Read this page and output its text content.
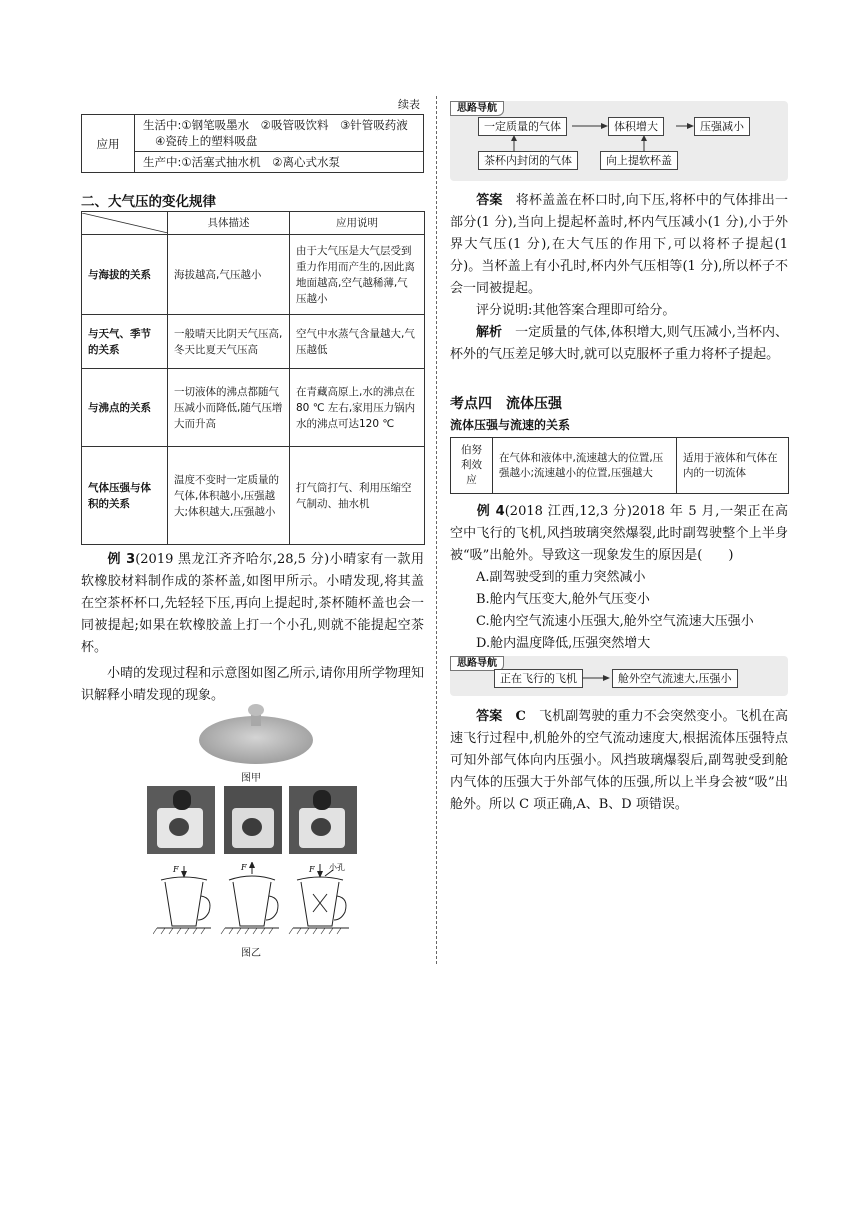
续表
应用	生活中:①钢笔吸墨水　②吸管吸饮料　③针管吸药液
④瓷砖上的塑料吸盘
生产中:①活塞式抽水机　②离心式水泵
二、大气压的变化规律
	具体描述	应用说明
与海拔的关系	海拔越高,气压越小	由于大气压是大气层受到重力作用而产生的,因此离地面越高,空气越稀薄,气压越小
与天气、季节的关系	一般晴天比阴天气压高,冬天比夏天气压高	空气中水蒸气含量越大,气压越低
与沸点的关系	一切液体的沸点都随气压减小而降低,随气压增大而升高	在青藏高原上,水的沸点在80 ℃ 左右,家用压力锅内水的沸点可达120 ℃
气体压强与体积的关系	温度不变时一定质量的气体,体积越小,压强越大;体积越大,压强越小	打气筒打气、利用压缩空气制动、抽水机

例 3(2019 黑龙江齐齐哈尔,28,5 分)小晴家有一款用软橡胶材料制作成的茶杯盖,如图甲所示。小晴发现,将其盖在空茶杯杯口,先轻轻下压,再向上提起时,茶杯随杯盖也会一同被提起;如果在软橡胶盖上打一个小孔,则就不能提起空茶杯。

小晴的发现过程和示意图如图乙所示,请你用所学物理知识解释小晴发现的现象。

图甲
F	F	F 小孔
图乙
思路导航
一定质量的气体	体积增大	压强减小
茶杯内封闭的气体	向上提软杯盖

答案　 将杯盖盖在杯口时,向下压,将杯中的气体排出一部分(1 分),当向上提起杯盖时,杯内气压减小(1 分),小于外界大气压(1 分),在大气压的作用下,可以将杯子提起(1 分)。当杯盖上有小孔时,杯内外气压相等(1 分),所以杯子不会一同被提起。

评分说明:其他答案合理即可给分。

解析　 一定质量的气体,体积增大,则气压减小,当杯内、杯外的气压差足够大时,就可以克服杯子重力将杯子提起。

考点四　流体压强
流体压强与流速的关系
伯努利效应	在气体和液体中,流速越大的位置,压强越小;流速越小的位置,压强越大	适用于液体和气体在内的一切流体

例 4(2018 江西,12,3 分)2018 年 5 月,一架正在高空中飞行的飞机,风挡玻璃突然爆裂,此时副驾驶整个上半身被“吸”出舱外。导致这一现象发生的原因是(　　)

A.副驾驶受到的重力突然减小
B.舱内气压变大,舱外气压变小
C.舱内空气流速小压强大,舱外空气流速大压强小
D.舱内温度降低,压强突然增大
思路导航
正在飞行的飞机	舱外空气流速大,压强小

答案　 C　 飞机副驾驶的重力不会突然变小。飞机在高速飞行过程中,机舱外的空气流动速度大,根据流体压强特点可知外部气体向内压强小。风挡玻璃爆裂后,副驾驶受到舱内气体的压强大于外部气体的压强,所以上半身会被“吸”出舱外。所以 C 项正确,A、B、D 项错误。
